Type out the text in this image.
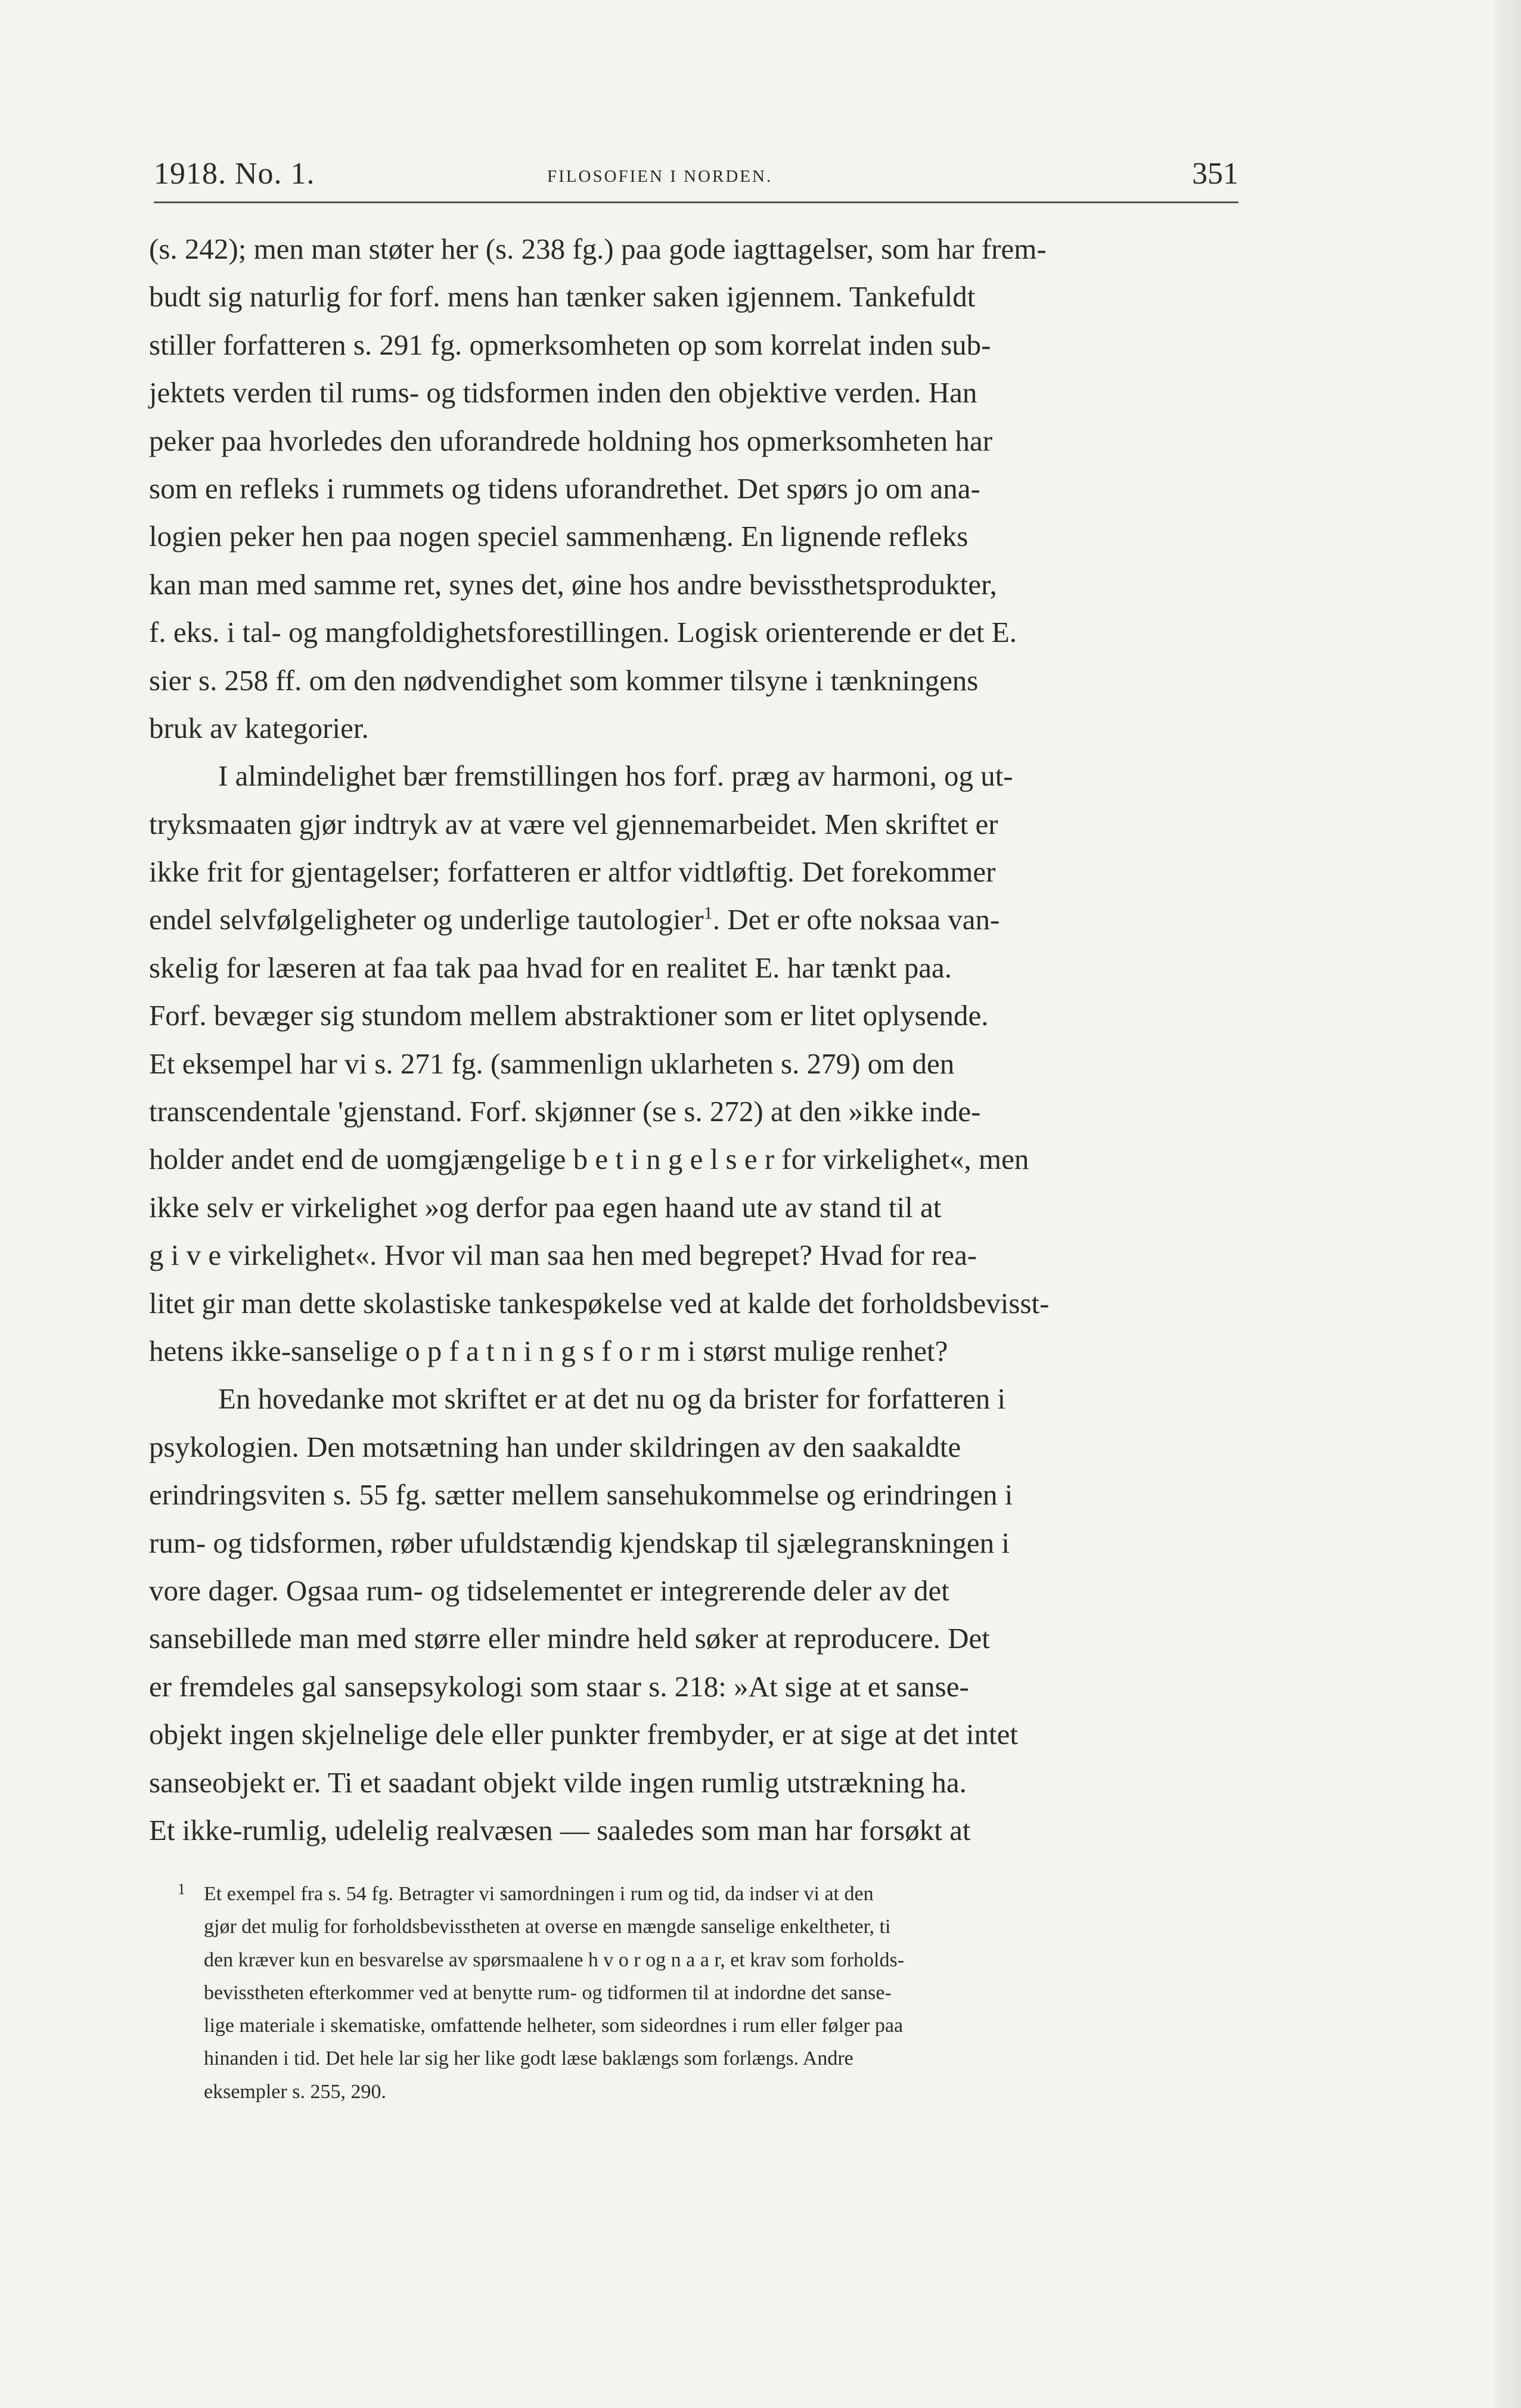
1918. No. 1.	FILOSOFIEN I NORDEN.	351
(s. 242); men man støter her (s. 238 fg.) paa gode iagttagelser, som har frem-
budt sig naturlig for forf. mens han tænker saken igjennem. Tankefuldt
stiller forfatteren s. 291 fg. opmerksomheten op som korrelat inden sub-
jektets verden til rums- og tidsformen inden den objektive verden. Han
peker paa hvorledes den uforandrede holdning hos opmerksomheten har
som en refleks i rummets og tidens uforandrethet. Det spørs jo om ana-
logien peker hen paa nogen speciel sammenhæng. En lignende refleks
kan man med samme ret, synes det, øine hos andre bevissthetsprodukter,
f. eks. i tal- og mangfoldighetsforestillingen. Logisk orienterende er det E.
sier s. 258 ff. om den nødvendighet som kommer tilsyne i tænkningens
bruk av kategorier.
I almindelighet bær fremstillingen hos forf. præg av harmoni, og ut-
tryksmaaten gjør indtryk av at være vel gjennemarbeidet. Men skriftet er
ikke frit for gjentagelser; forfatteren er altfor vidtløftig. Det forekommer
endel selvfølgeligheter og underlige tautologier$^1$. Det er ofte noksaa van-
skelig for læseren at faa tak paa hvad for en realitet E. har tænkt paa.
Forf. bevæger sig stundom mellem abstraktioner som er litet oplysende.
Et eksempel har vi s. 271 fg. (sammenlign uklarheten s. 279) om den
transcendentale 'gjenstand. Forf. skjønner (se s. 272) at den »ikke inde-
holder andet end de uomgjængelige b e t i n g e l s e r for virkelighet«, men
ikke selv er virkelighet »og derfor paa egen haand ute av stand til at
g i v e virkelighet«. Hvor vil man saa hen med begrepet? Hvad for rea-
litet gir man dette skolastiske tankespøkelse ved at kalde det forholdsbevisst-
hetens ikke-sanselige o p f a t n i n g s f o r m i størst mulige renhet?
En hovedanke mot skriftet er at det nu og da brister for forfatteren i
psykologien. Den motsætning han under skildringen av den saakaldte
erindringsviten s. 55 fg. sætter mellem sansehukommelse og erindringen i
rum- og tidsformen, røber ufuldstændig kjendskap til sjælegranskningen i
vore dager. Ogsaa rum- og tidselementet er integrerende deler av det
sansebillede man med større eller mindre held søker at reproducere. Det
er fremdeles gal sansepsykologi som staar s. 218: »At sige at et sanse-
objekt ingen skjelnelige dele eller punkter frembyder, er at sige at det intet
sanseobjekt er. Ti et saadant objekt vilde ingen rumlig utstrækning ha.
Et ikke-rumlig, udelelig realvæsen — saaledes som man har forsøkt at
1 Et exempel fra s. 54 fg. Betragter vi samordningen i rum og tid, da indser vi at den
gjør det mulig for forholdsbevisstheten at overse en mængde sanselige enkeltheter, ti
den kræver kun en besvarelse av spørsmaalene h v o r og n a a r, et krav som forholds-
bevisstheten efterkommer ved at benytte rum- og tidformen til at indordne det sanse-
lige materiale i skematiske, omfattende helheter, som sideordnes i rum eller følger paa
hinanden i tid. Det hele lar sig her like godt læse baklængs som forlængs. Andre
eksempler s. 255, 290.
